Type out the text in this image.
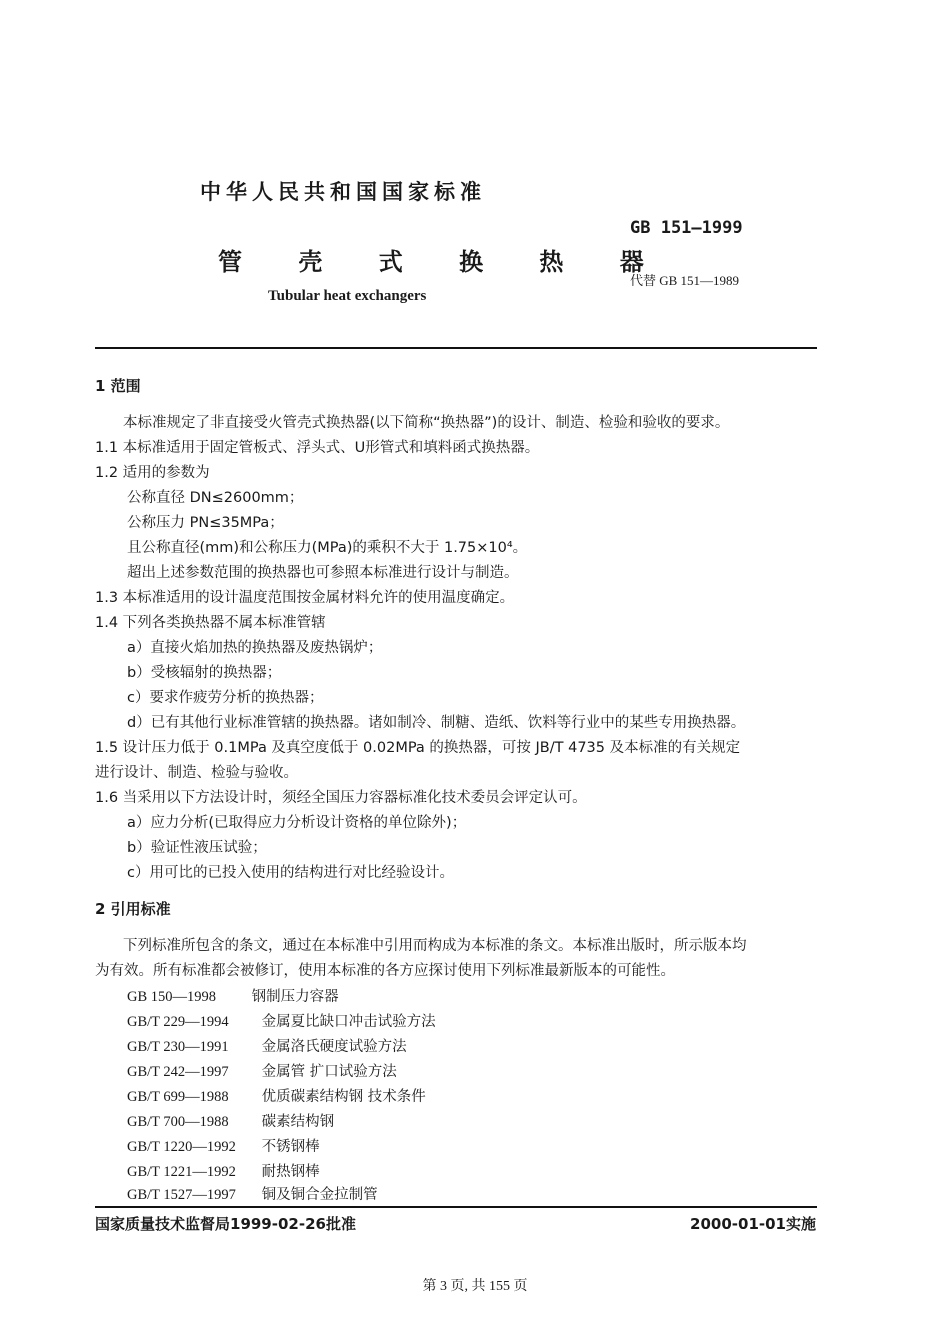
中华人民共和国国家标准
GB 151—1999
管 壳 式 换 热 器
代替 GB 151—1989
Tubular heat exchangers
1 范围
本标准规定了非直接受火管壳式换热器(以下简称“换热器”)的设计、制造、检验和验收的要求。
1.1 本标准适用于固定管板式、浮头式、U形管式和填料函式换热器。
1.2 适用的参数为
公称直径 DN≤2600mm；
公称压力 PN≤35MPa；
且公称直径(mm)和公称压力(MPa)的乘积不大于 1.75×10⁴。
超出上述参数范围的换热器也可参照本标准进行设计与制造。
1.3 本标准适用的设计温度范围按金属材料允许的使用温度确定。
1.4 下列各类换热器不属本标准管辖
a）直接火焰加热的换热器及废热锅炉；
b）受核辐射的换热器；
c）要求作疲劳分析的换热器；
d）已有其他行业标准管辖的换热器。诸如制冷、制糖、造纸、饮料等行业中的某些专用换热器。
1.5 设计压力低于 0.1MPa 及真空度低于 0.02MPa 的换热器，可按 JB/T 4735 及本标准的有关规定
进行设计、制造、检验与验收。
1.6 当采用以下方法设计时，须经全国压力容器标准化技术委员会评定认可。
a）应力分析(已取得应力分析设计资格的单位除外)；
b）验证性液压试验；
c）用可比的已投入使用的结构进行对比经验设计。
2 引用标准
下列标准所包含的条文，通过在本标准中引用而构成为本标准的条文。本标准出版时，所示版本均
为有效。所有标准都会被修订，使用本标准的各方应探讨使用下列标准最新版本的可能性。
GB 150—1998 钢制压力容器
GB/T 229—1994 金属夏比缺口冲击试验方法
GB/T 230—1991 金属洛氏硬度试验方法
GB/T 242—1997 金属管 扩口试验方法
GB/T 699—1988 优质碳素结构钢 技术条件
GB/T 700—1988 碳素结构钢
GB/T 1220—1992 不锈钢棒
GB/T 1221—1992 耐热钢棒
GB/T 1527—1997 铜及铜合金拉制管
国家质量技术监督局1999-02-26批准	2000-01-01实施
第 3 页, 共 155 页
